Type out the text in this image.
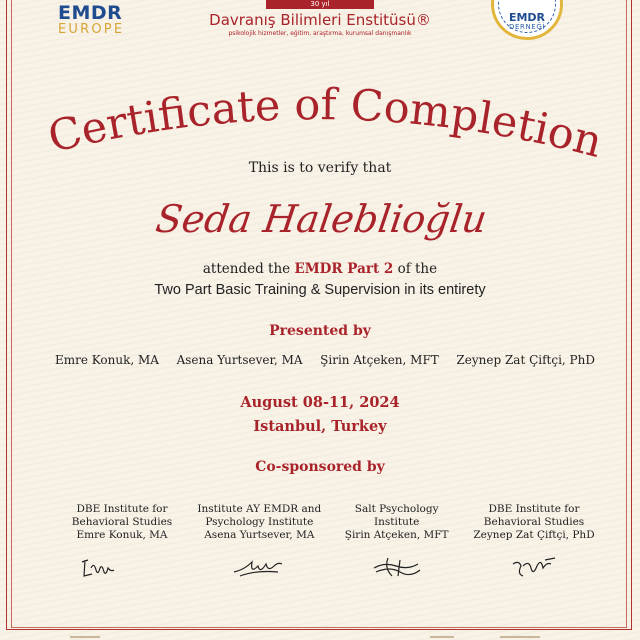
EMDR
EUROPE
30 yıl
Davranış Bilimleri Enstitüsü®
psikolojik hizmetler, eğitim, araştırma, kurumsal danışmanlık
EMDR
DERNEĞİ
Certificate of Completion
This is to verify that
Seda Haleblioğlu
attended the EMDR Part 2 of the
Two Part Basic Training & Supervision in its entirety
Presented by
Emre Konuk, MA Asena Yurtsever, MA Şirin Atçeken, MFT Zeynep Zat Çiftçi, PhD
August 08-11, 2024
Istanbul, Turkey
Co-sponsored by
DBE Institute for
Behavioral Studies
Emre Konuk, MA
Institute AY EMDR and
Psychology Institute
Asena Yurtsever, MA
Salt Psychology Institute
Şirin Atçeken, MFT
DBE Institute for
Behavioral Studies
Zeynep Zat Çiftçi, PhD
